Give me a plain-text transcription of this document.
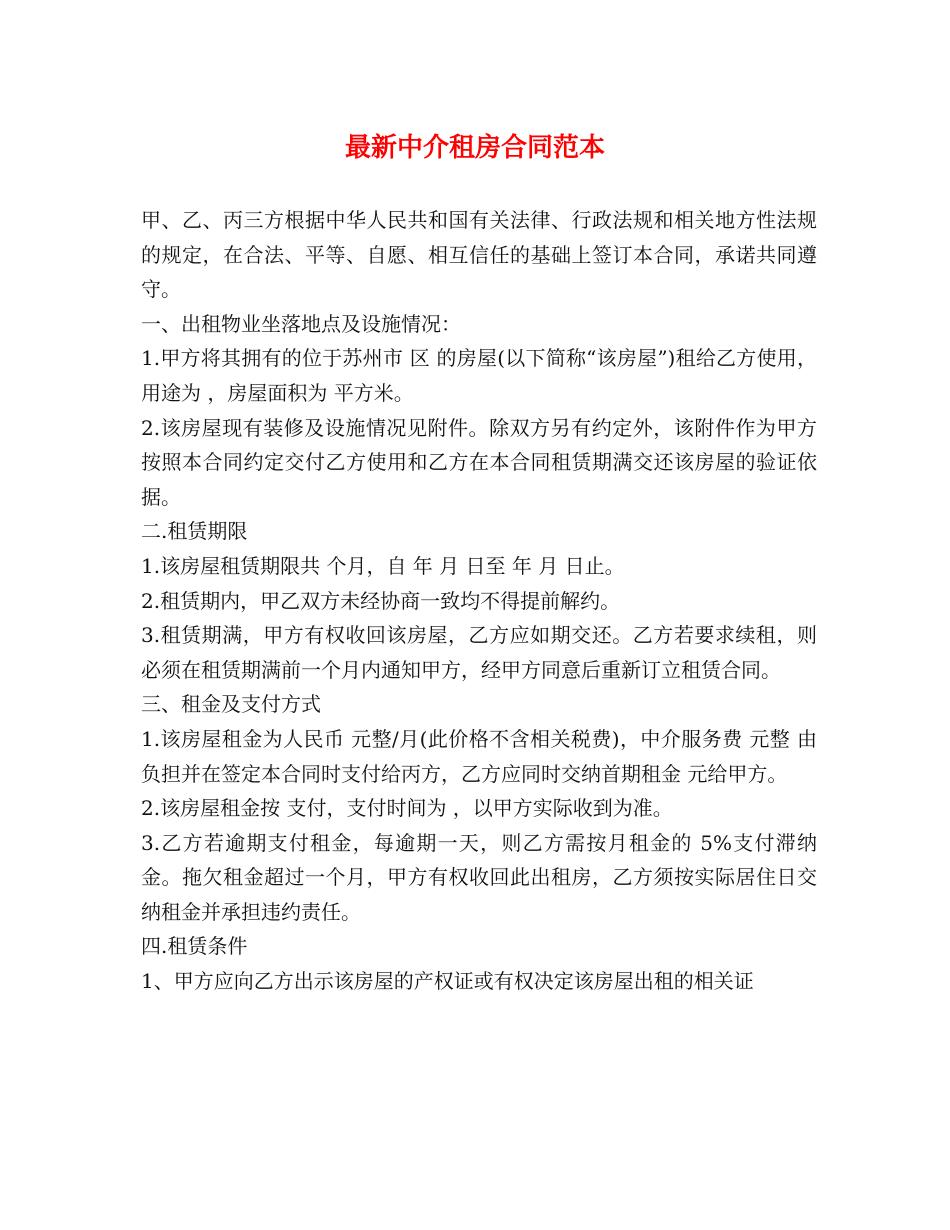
最新中介租房合同范本

甲、乙、丙三方根据中华人民共和国有关法律、行政法规和相关地方性法规的规定，在合法、平等、自愿、相互信任的基础上签订本合同，承诺共同遵守。

一、出租物业坐落地点及设施情况：

1.甲方将其拥有的位于苏州市 区 的房屋(以下简称“该房屋”)租给乙方使用，用途为 ，房屋面积为 平方米。

2.该房屋现有装修及设施情况见附件。除双方另有约定外，该附件作为甲方按照本合同约定交付乙方使用和乙方在本合同租赁期满交还该房屋的验证依据。

二.租赁期限

1.该房屋租赁期限共 个月，自 年 月 日至 年 月 日止。

2.租赁期内，甲乙双方未经协商一致均不得提前解约。

3.租赁期满，甲方有权收回该房屋，乙方应如期交还。乙方若要求续租，则必须在租赁期满前一个月内通知甲方，经甲方同意后重新订立租赁合同。

三、租金及支付方式

1.该房屋租金为人民币 元整/月(此价格不含相关税费)，中介服务费 元整 由 负担并在签定本合同时支付给丙方，乙方应同时交纳首期租金 元给甲方。

2.该房屋租金按 支付，支付时间为 ，以甲方实际收到为准。

3.乙方若逾期支付租金，每逾期一天，则乙方需按月租金的 5%支付滞纳金。拖欠租金超过一个月，甲方有权收回此出租房，乙方须按实际居住日交纳租金并承担违约责任。

四.租赁条件

1、甲方应向乙方出示该房屋的产权证或有权决定该房屋出租的相关证
